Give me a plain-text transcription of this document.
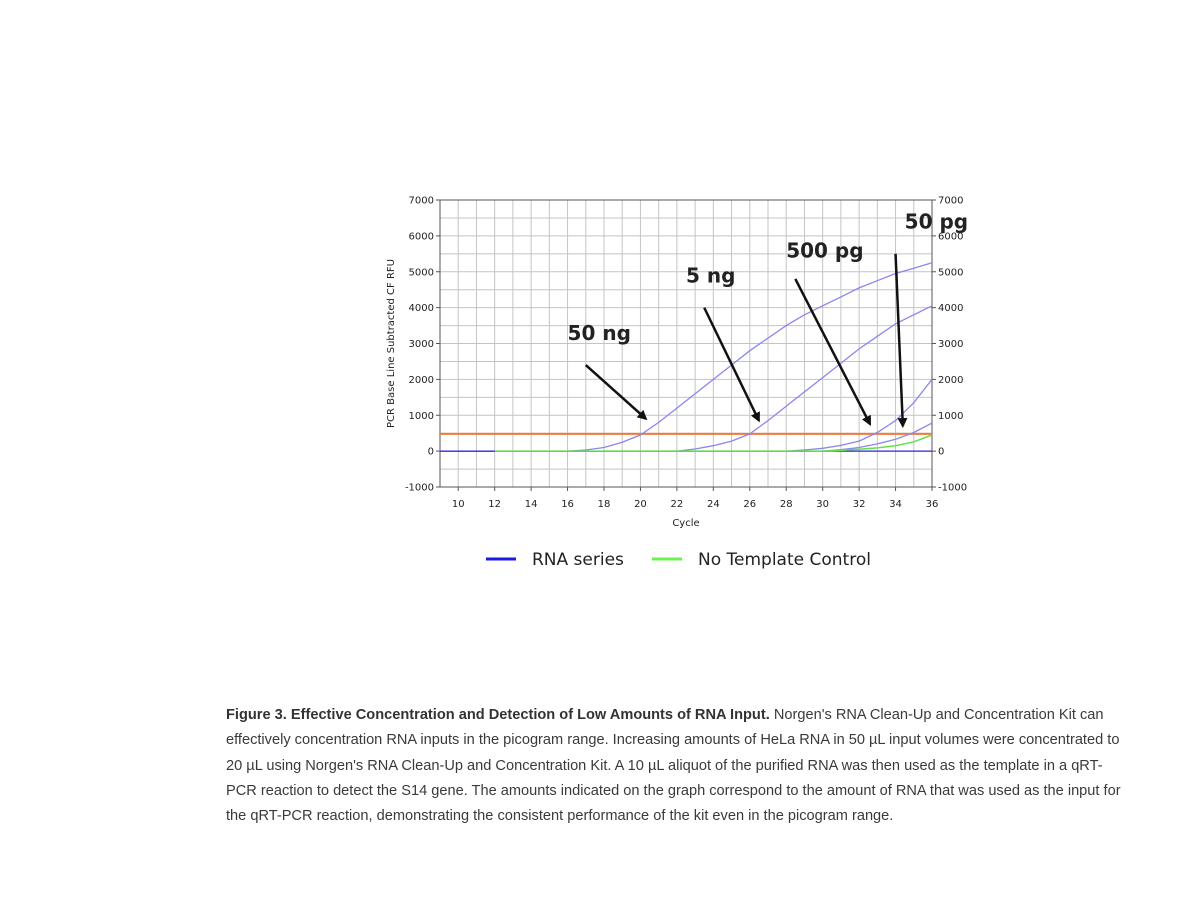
10 12 14 16 18 20 22 24 26 28 30 32 34 36
-1000	-1000
0	0
1000	1000
2000	2000
3000	3000
4000	4000
5000	5000
6000	6000
7000	7000
Cycle
PCR Base Line Subtracted CF RFU	50 ng
5 ng
500 pg
50 pg
RNA series	No Template Control

Figure 3. Effective Concentration and Detection of Low Amounts of RNA Input. Norgen's RNA Clean-Up and Concentration Kit can effectively concentration RNA inputs in the picogram range. Increasing amounts of HeLa RNA in 50 µL input volumes were concentrated to 20 µL using Norgen's RNA Clean-Up and Concentration Kit. A 10 µL aliquot of the purified RNA was then used as the template in a qRT-PCR reaction to detect the S14 gene. The amounts indicated on the graph correspond to the amount of RNA that was used as the input for the qRT-PCR reaction, demonstrating the consistent performance of the kit even in the picogram range.
